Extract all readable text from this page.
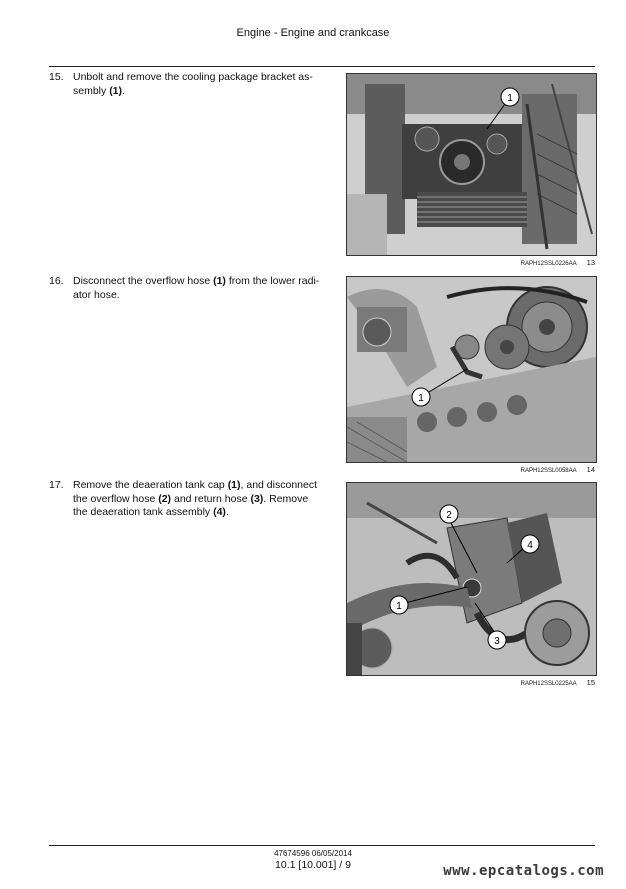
Engine - Engine and crankcase
15. Unbolt and remove the cooling package bracket as-
sembly (1).
1
RAPH12SSL0226AA 13
16. Disconnect the overflow hose (1) from the lower radi-
ator hose.
1
RAPH12SSL0058AA 14
17. Remove the deaeration tank cap (1), and disconnect
the overflow hose (2) and return hose (3). Remove
the deaeration tank assembly (4).
1
2
3
4
RAPH12SSL0225AA 15
47674596 06/05/2014
10.1 [10.001] / 9	www.epcatalogs.com
